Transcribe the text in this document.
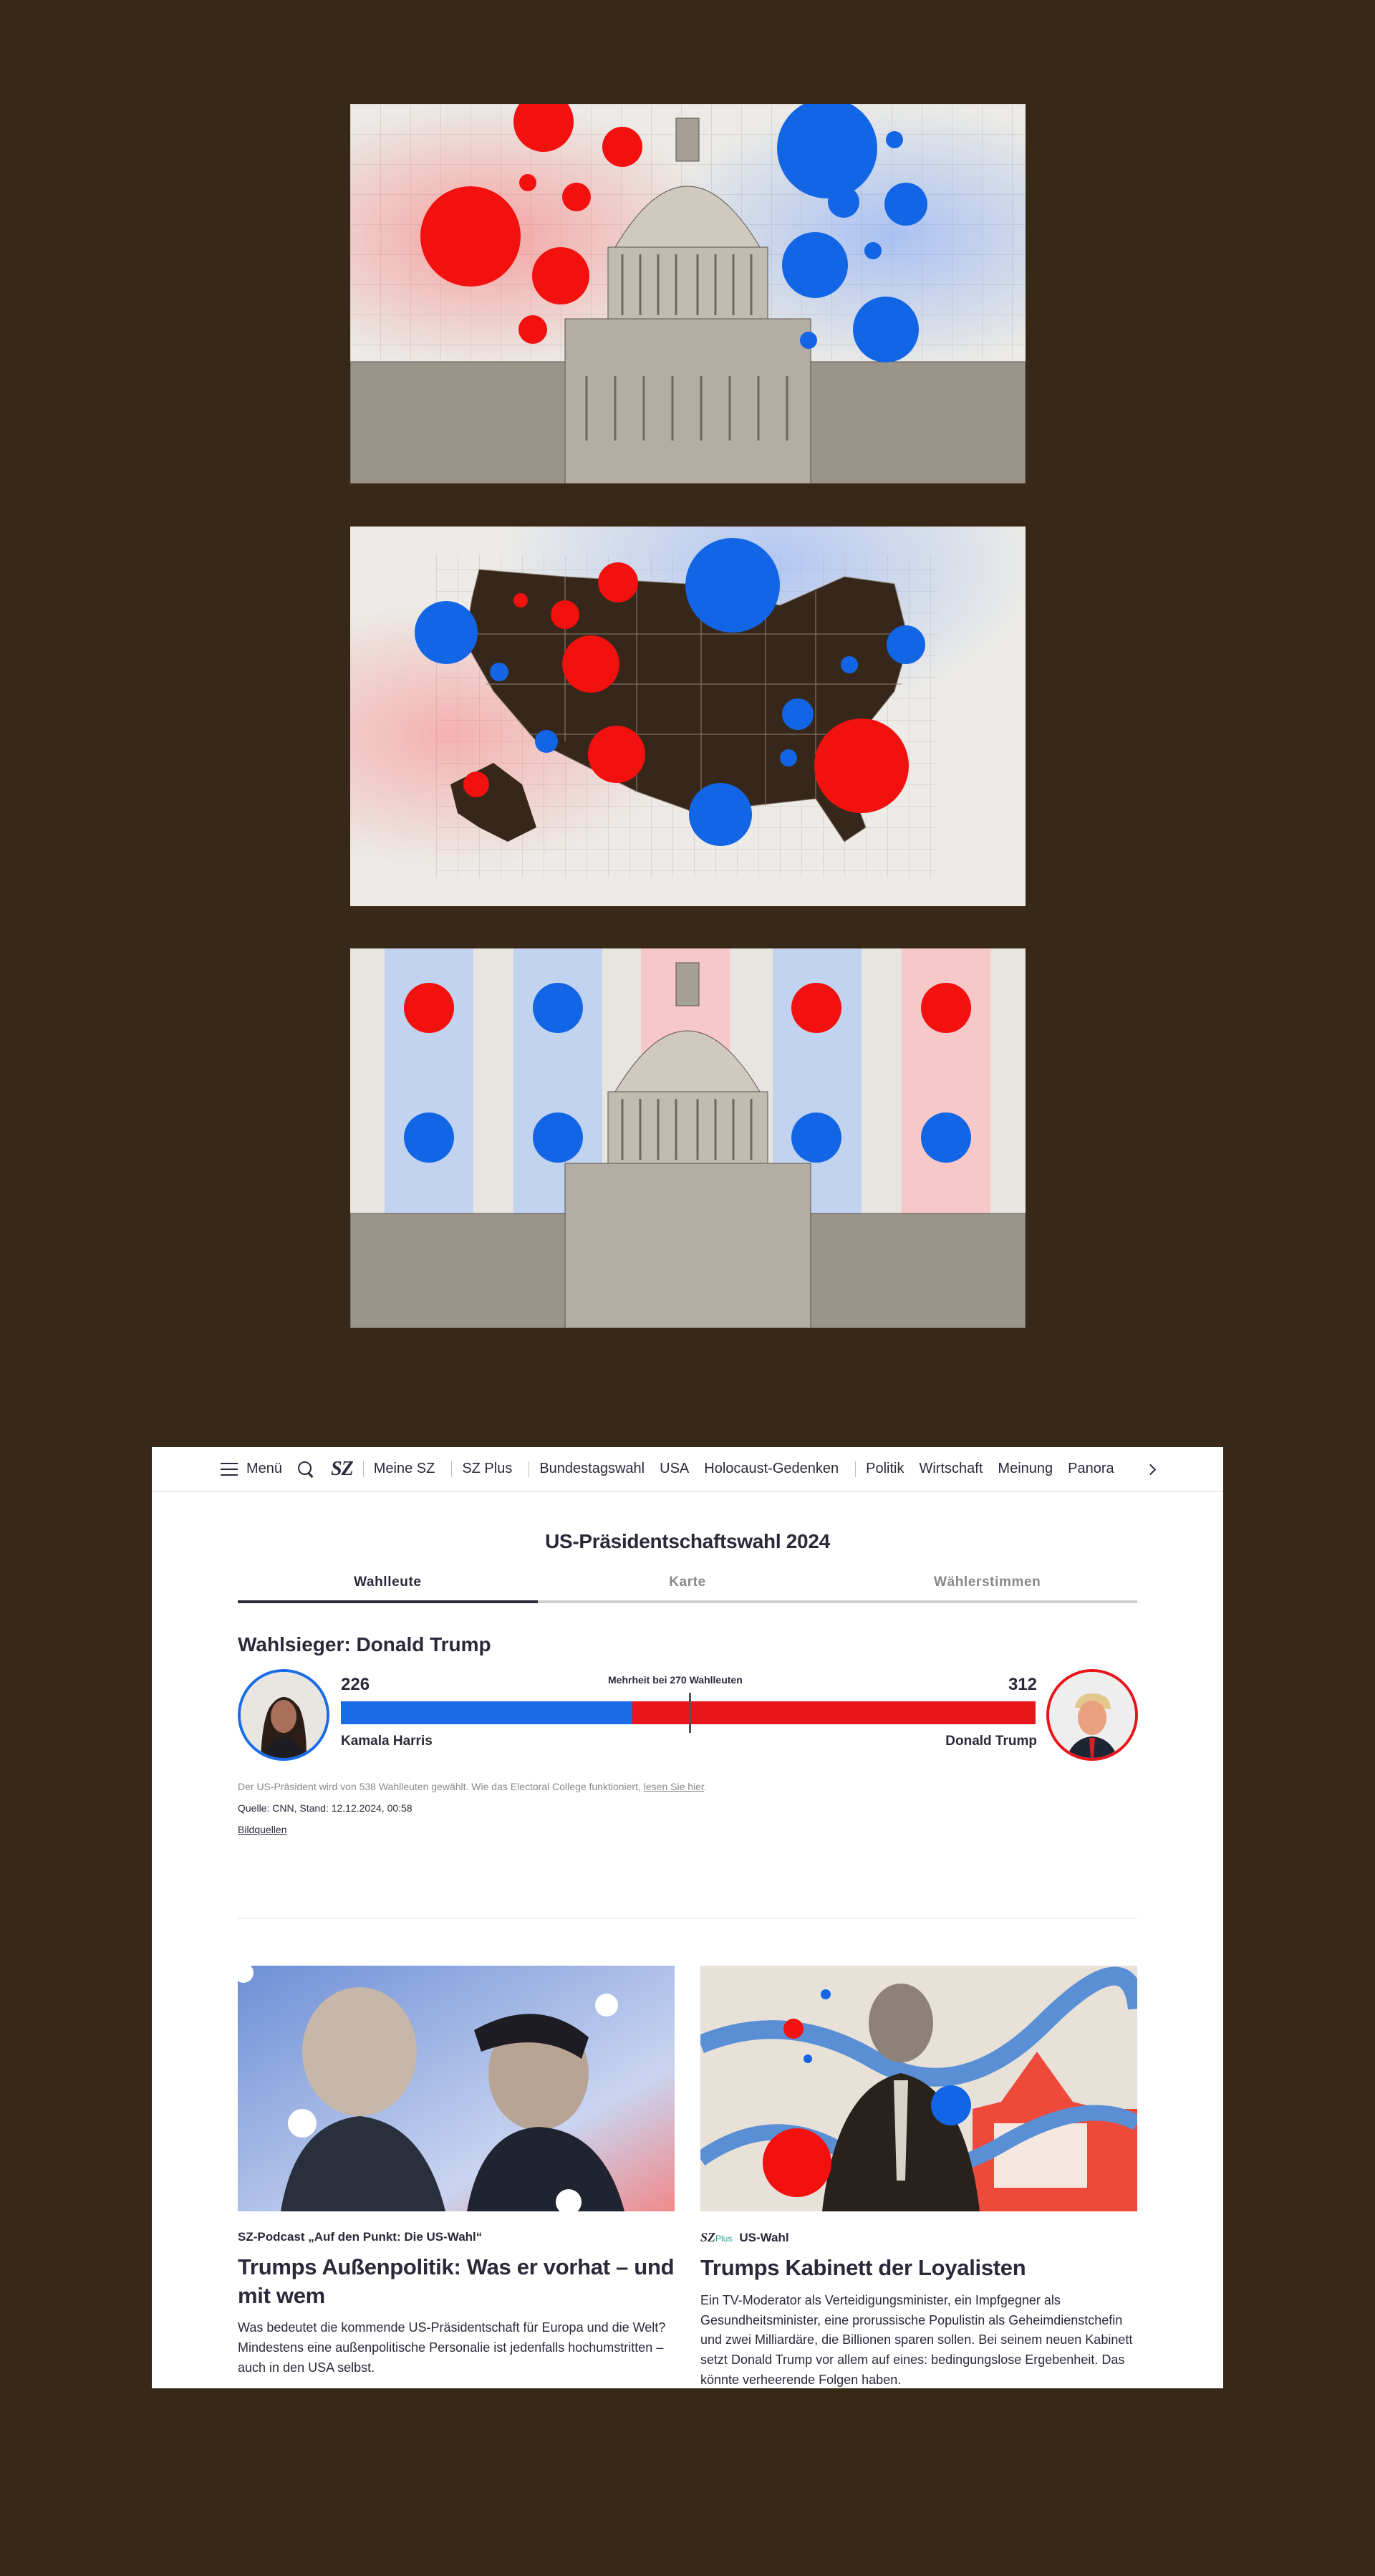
Menü SZ Meine SZ SZ Plus Bundestagswahl USA Holocaust-Gedenken Politik Wirtschaft Meinung Panora
US-Präsidentschaftswahl 2024
Wahlleute	Karte	Wählerstimmen
Wahlsieger: Donald Trump
226	Mehrheit bei 270 Wahlleuten	312
Kamala Harris	Donald Trump
Der US-Präsident wird von 538 Wahlleuten gewählt. Wie das Electoral College funktioniert, lesen Sie hier.
Quelle: CNN, Stand: 12.12.2024, 00:58
Bildquellen
SZ-Podcast „Auf den Punkt: Die US-Wahl“
Trumps Außenpolitik: Was er vorhat – und mit wem
Was bedeutet die kommende US-Präsidentschaft für Europa und die Welt? Mindestens eine außenpolitische Personalie ist jedenfalls hochumstritten – auch in den USA selbst.
SZPlus US-Wahl
Trumps Kabinett der Loyalisten
Ein TV-Moderator als Verteidigungsminister, ein Impfgegner als Gesundheitsminister, eine prorussische Populistin als Geheimdienstchefin und zwei Milliardäre, die Billionen sparen sollen. Bei seinem neuen Kabinett setzt Donald Trump vor allem auf eines: bedingungslose Ergebenheit. Das könnte verheerende Folgen haben.
